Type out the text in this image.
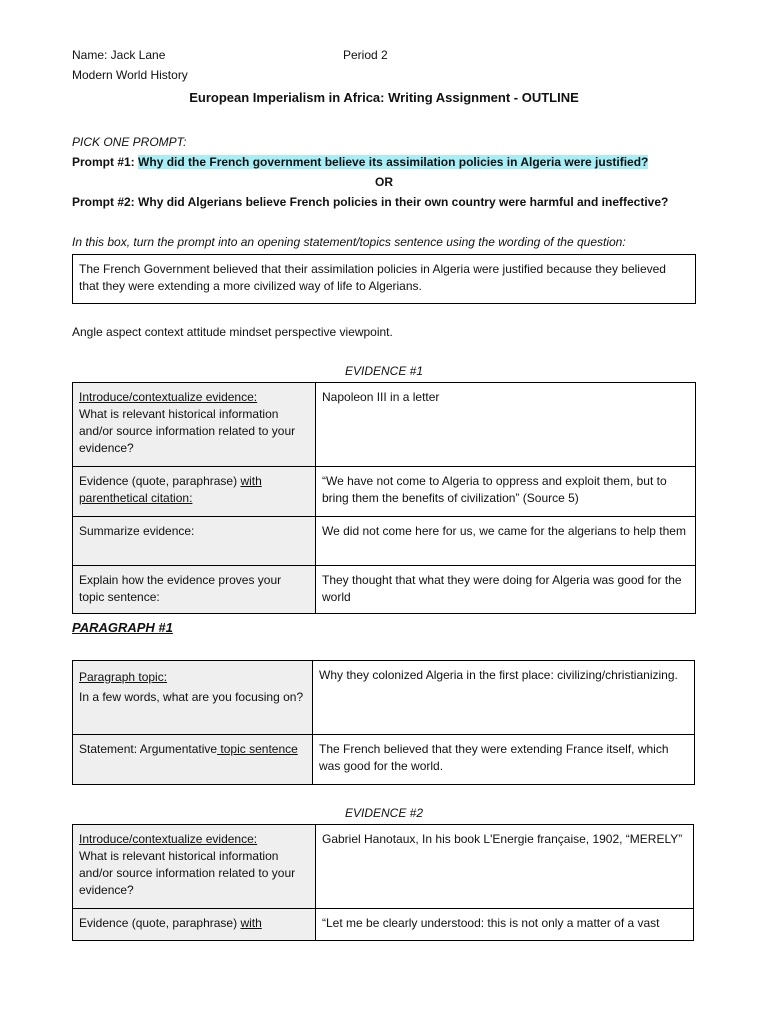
Name: Jack Lane	Period 2
Modern World History
European Imperialism in Africa: Writing Assignment - OUTLINE
PICK ONE PROMPT:
Prompt #1: Why did the French government believe its assimilation policies in Algeria were justified?
OR
Prompt #2: Why did Algerians believe French policies in their own country were harmful and ineffective?
In this box, turn the prompt into an opening statement/topics sentence using the wording of the question:
The French Government believed that their assimilation policies in Algeria were justified because they believed that they were extending a more civilized way of life to Algerians.
Angle aspect context attitude mindset perspective viewpoint.
EVIDENCE #1
Introduce/contextualize evidence:
What is relevant historical information and/or source information related to your evidence?	Napoleon III in a letter
Evidence (quote, paraphrase) with parenthetical citation:	“We have not come to Algeria to oppress and exploit them, but to bring them the benefits of civilization” (Source 5)
Summarize evidence:	We did not come here for us, we came for the algerians to help them
Explain how the evidence proves your topic sentence:	They thought that what they were doing for Algeria was good for the world
PARAGRAPH #1
Paragraph topic:
In a few words, what are you focusing on?	Why they colonized Algeria in the first place: civilizing/christianizing.
Statement: Argumentative topic sentence	The French believed that they were extending France itself, which was good for the world.
EVIDENCE #2
Introduce/contextualize evidence:
What is relevant historical information and/or source information related to your evidence?	Gabriel Hanotaux, In his book L'Energie française, 1902, “MERELY”
Evidence (quote, paraphrase) with	“Let me be clearly understood: this is not only a matter of a vast
